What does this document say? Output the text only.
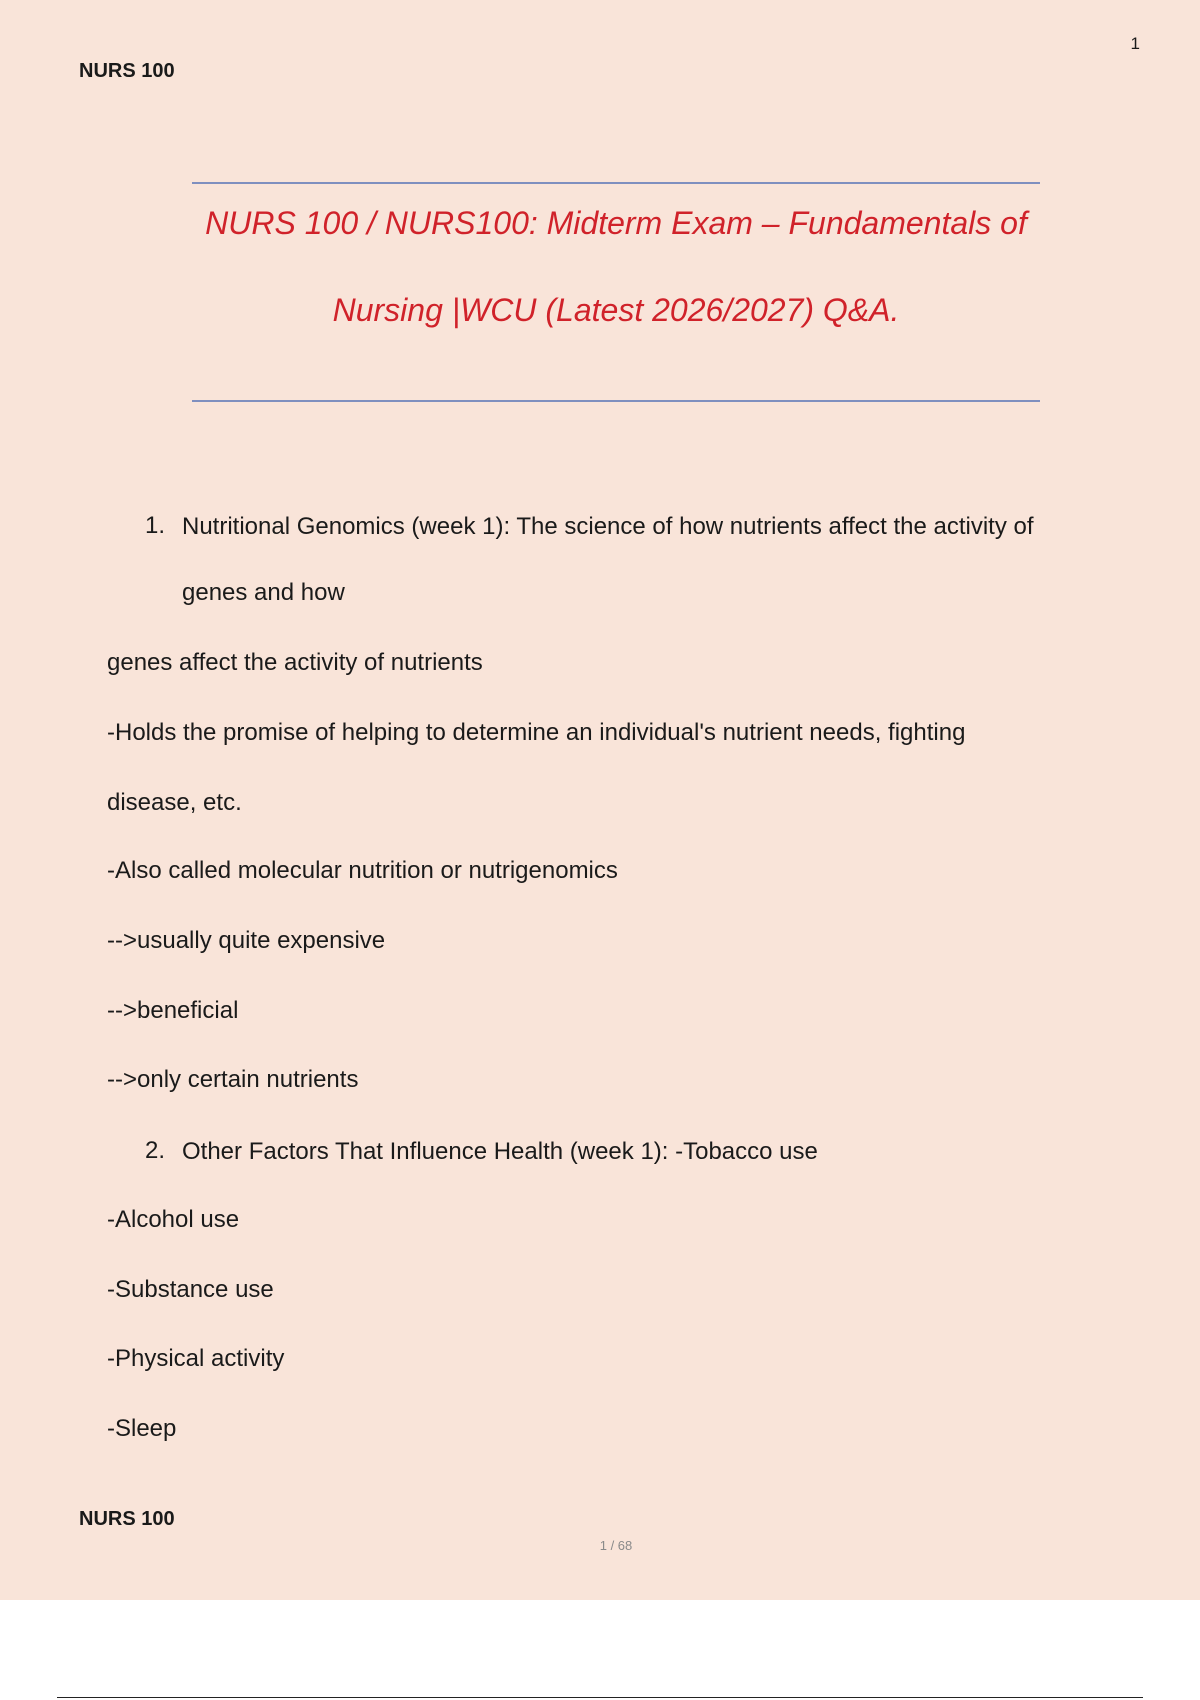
1
NURS 100
NURS 100 / NURS100: Midterm Exam – Fundamentals of
Nursing |WCU (Latest 2026/2027) Q&A.
1. Nutritional Genomics (week 1): The science of how nutrients affect the activity of
genes and how
genes affect the activity of nutrients
-Holds the promise of helping to determine an individual's nutrient needs, fighting
disease, etc.
-Also called molecular nutrition or nutrigenomics
-->usually quite expensive
-->beneficial
-->only certain nutrients
2. Other Factors That Influence Health (week 1): -Tobacco use
-Alcohol use
-Substance use
-Physical activity
-Sleep
NURS 100
1 / 68
